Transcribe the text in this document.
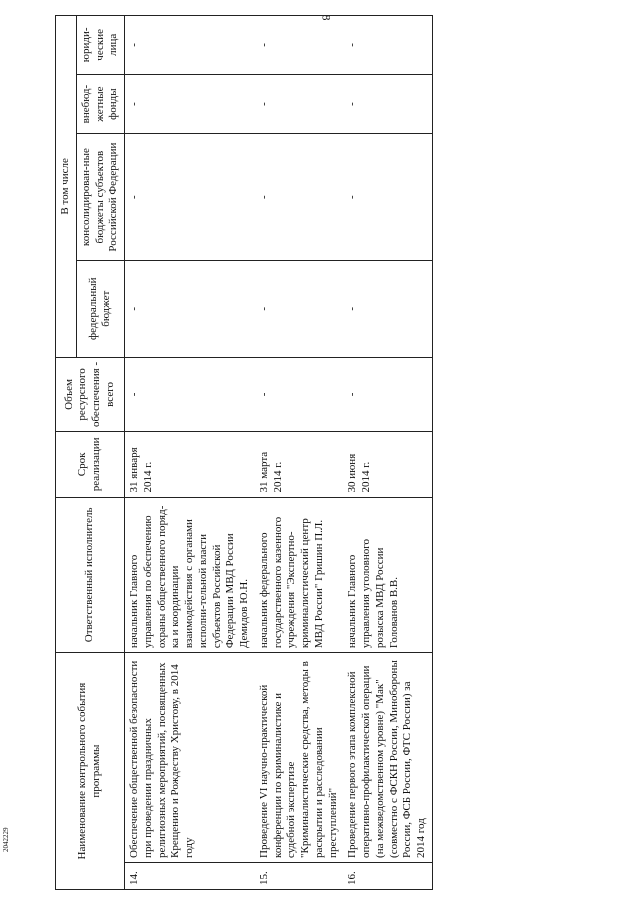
8
Наименование контрольного события программы		Ответственный исполнитель	Срок реализации	Объем ресурсного обеспечения - всего	В том числе			
					федеральный бюджет	консолидирован-ные бюджеты субъектов Российской Федерации	внебюд-жетные фонды	юриди-ческие лица
14.	Обеспечение общественной безопасности при проведении праздничных религиозных мероприятий, посвященных Крещению и Рождеству Христову, в 2014 году	начальник Главного управления по обеспечению охраны общественного поряд-ка и координации взаимодействия с органами исполни-тельной власти субъектов Российской Федерации МВД России Демидов Ю.Н.	31 января 2014 г.	-	-	-	-	-
15.	Проведение VI научно-практической конференции по криминалистике и судебной экспертизе "Криминалистические средства, методы в раскрытии и расследовании преступлений"	начальник федерального государственного казенного учреждения "Экспертно-криминалистический центр МВД России" Гришин П.Л.	31 марта 2014 г.	-	-	-	-	-
16.	Проведение первого этапа комплексной оперативно-профилактической операции (на межведомственном уровне) "Мак" (совместно с ФСКН России, Минобороны России, ФСБ России, ФТС России) за 2014 год	начальник Главного управления уголовного розыска МВД России Голованов В.В.	30 июня 2014 г.	-	-	-	-	-
2042229
